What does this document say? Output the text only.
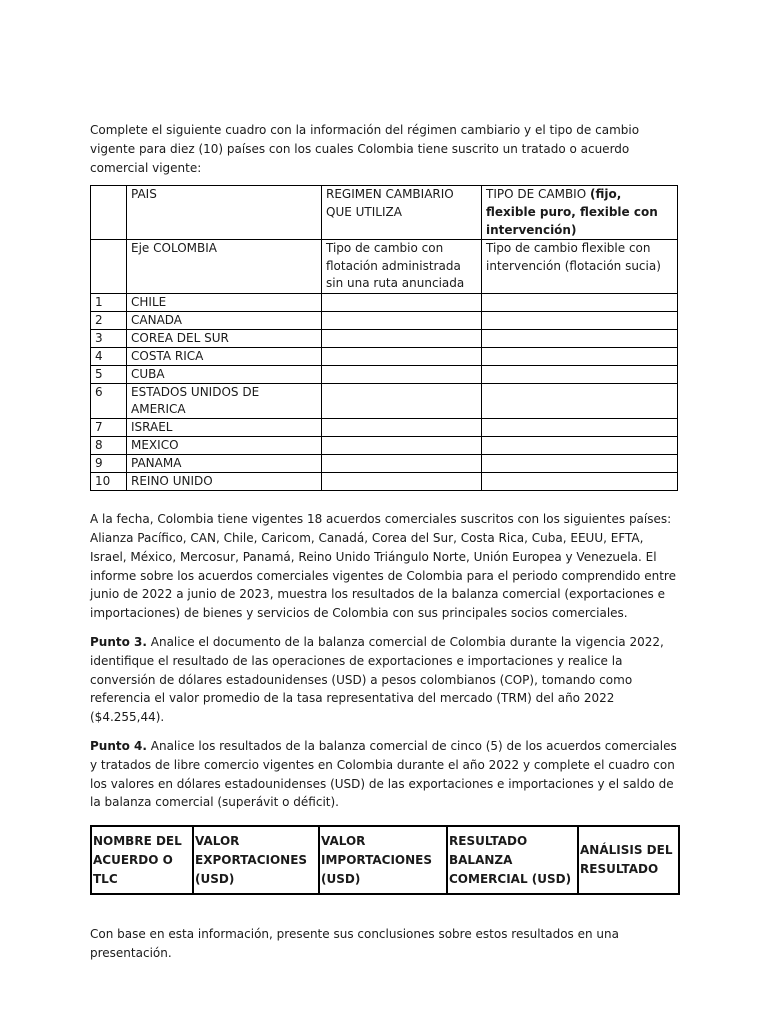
Complete el siguiente cuadro con la información del régimen cambiario y el tipo de cambio vigente para diez (10) países con los cuales Colombia tiene suscrito un tratado o acuerdo comercial vigente:

	PAIS	REGIMEN CAMBIARIO QUE UTILIZA	TIPO DE CAMBIO (fijo, flexible puro, flexible con intervención)
	Eje COLOMBIA	Tipo de cambio con flotación administrada sin una ruta anunciada	Tipo de cambio flexible con intervención (flotación sucia)
1	CHILE		
2	CANADA		
3	COREA DEL SUR		
4	COSTA RICA		
5	CUBA		
6	ESTADOS UNIDOS DE AMERICA		
7	ISRAEL		
8	MEXICO		
9	PANAMA		
10	REINO UNIDO		

A la fecha, Colombia tiene vigentes 18 acuerdos comerciales suscritos con los siguientes países: Alianza Pacífico, CAN, Chile, Caricom, Canadá, Corea del Sur, Costa Rica, Cuba, EEUU, EFTA, Israel, México, Mercosur, Panamá, Reino Unido Triángulo Norte, Unión Europea y Venezuela. El informe sobre los acuerdos comerciales vigentes de Colombia para el periodo comprendido entre junio de 2022 a junio de 2023, muestra los resultados de la balanza comercial (exportaciones e importaciones) de bienes y servicios de Colombia con sus principales socios comerciales.

Punto 3. Analice el documento de la balanza comercial de Colombia durante la vigencia 2022, identifique el resultado de las operaciones de exportaciones e importaciones y realice la conversión de dólares estadounidenses (USD) a pesos colombianos (COP), tomando como referencia el valor promedio de la tasa representativa del mercado (TRM) del año 2022 ($4.255,44).

Punto 4. Analice los resultados de la balanza comercial de cinco (5) de los acuerdos comerciales y tratados de libre comercio vigentes en Colombia durante el año 2022 y complete el cuadro con los valores en dólares estadounidenses (USD) de las exportaciones e importaciones y el saldo de la balanza comercial (superávit o déficit).

NOMBRE DEL ACUERDO O TLC	VALOR EXPORTACIONES (USD)	VALOR IMPORTACIONES (USD)	RESULTADO BALANZA COMERCIAL (USD)	ANÁLISIS DEL RESULTADO

Con base en esta información, presente sus conclusiones sobre estos resultados en una presentación.
